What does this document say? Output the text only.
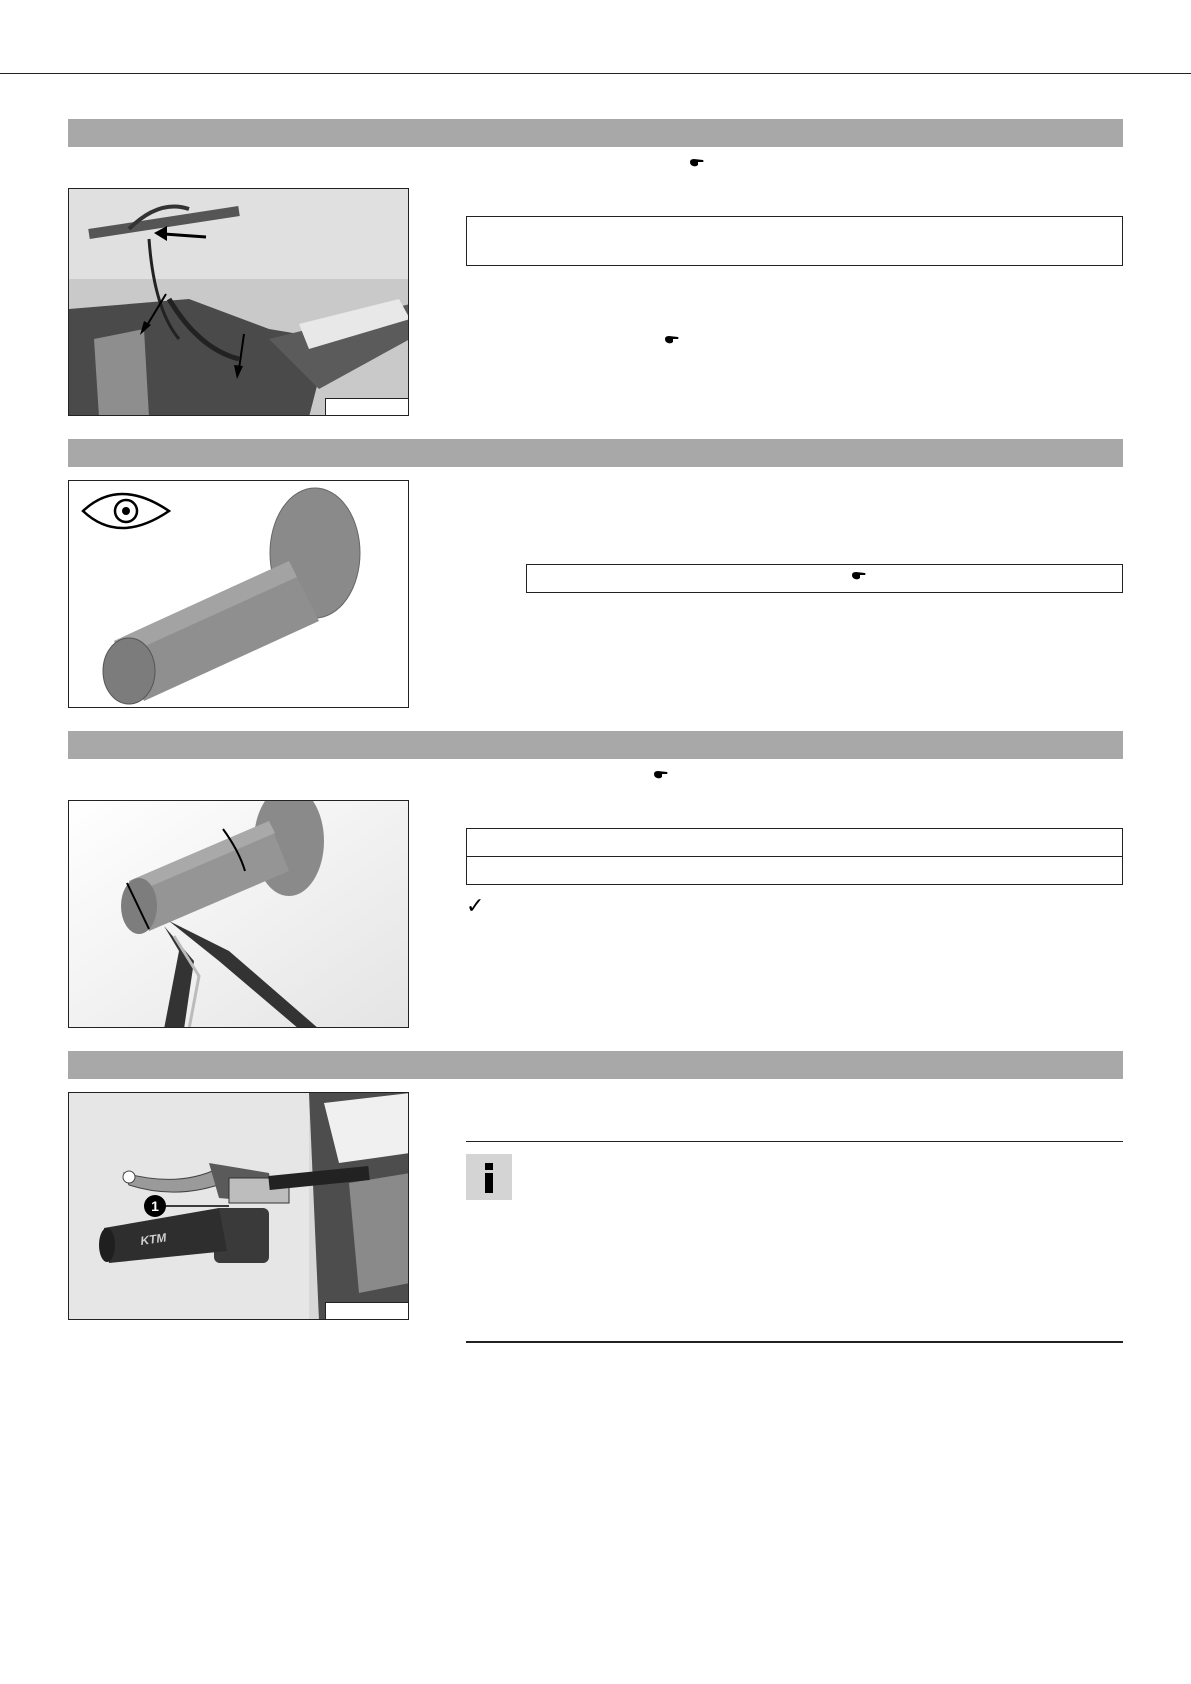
✓
KTM
1
